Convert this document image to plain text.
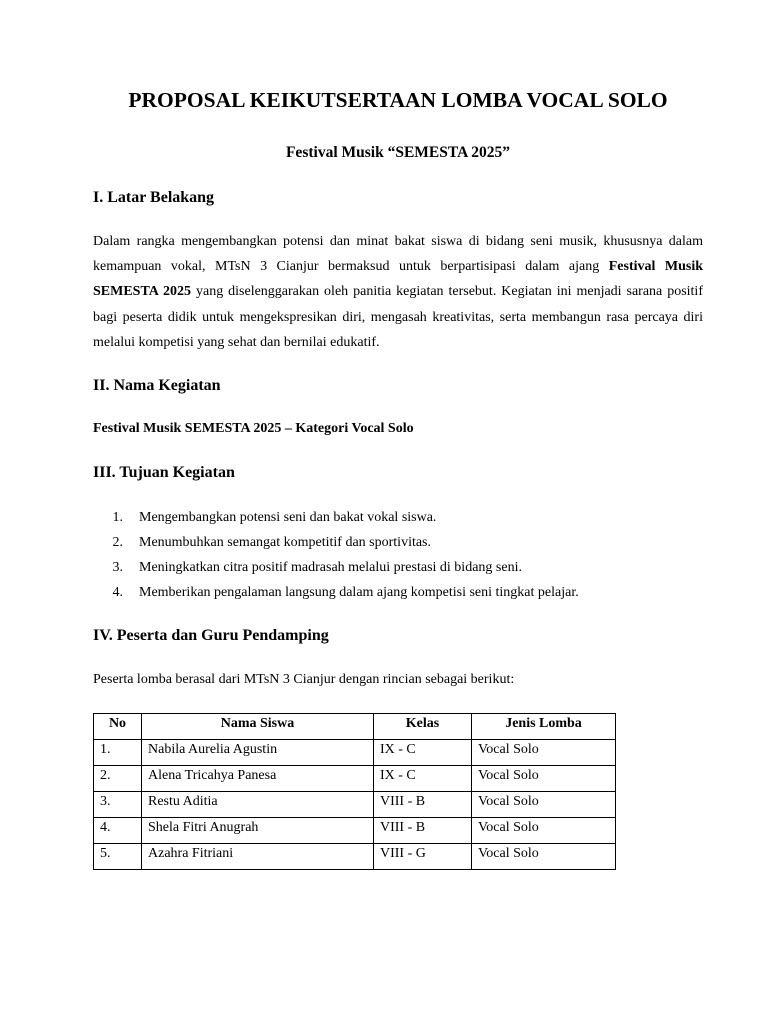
PROPOSAL KEIKUTSERTAAN LOMBA VOCAL SOLO
Festival Musik “SEMESTA 2025”
I. Latar Belakang

Dalam rangka mengembangkan potensi dan minat bakat siswa di bidang seni musik, khususnya dalam kemampuan vokal, MTsN 3 Cianjur bermaksud untuk berpartisipasi dalam ajang Festival Musik SEMESTA 2025 yang diselenggarakan oleh panitia kegiatan tersebut. Kegiatan ini menjadi sarana positif bagi peserta didik untuk mengekspresikan diri, mengasah kreativitas, serta membangun rasa percaya diri melalui kompetisi yang sehat dan bernilai edukatif.

II. Nama Kegiatan

Festival Musik SEMESTA 2025 – Kategori Vocal Solo

III. Tujuan Kegiatan
1. Mengembangkan potensi seni dan bakat vokal siswa.
2. Menumbuhkan semangat kompetitif dan sportivitas.
3. Meningkatkan citra positif madrasah melalui prestasi di bidang seni.
4. Memberikan pengalaman langsung dalam ajang kompetisi seni tingkat pelajar.
IV. Peserta dan Guru Pendamping

Peserta lomba berasal dari MTsN 3 Cianjur dengan rincian sebagai berikut:

No	Nama Siswa	Kelas	Jenis Lomba
1.	Nabila Aurelia Agustin	IX - C	Vocal Solo
2.	Alena Tricahya Panesa	IX - C	Vocal Solo
3.	Restu Aditia	VIII - B	Vocal Solo
4.	Shela Fitri Anugrah	VIII - B	Vocal Solo
5.	Azahra Fitriani	VIII - G	Vocal Solo
